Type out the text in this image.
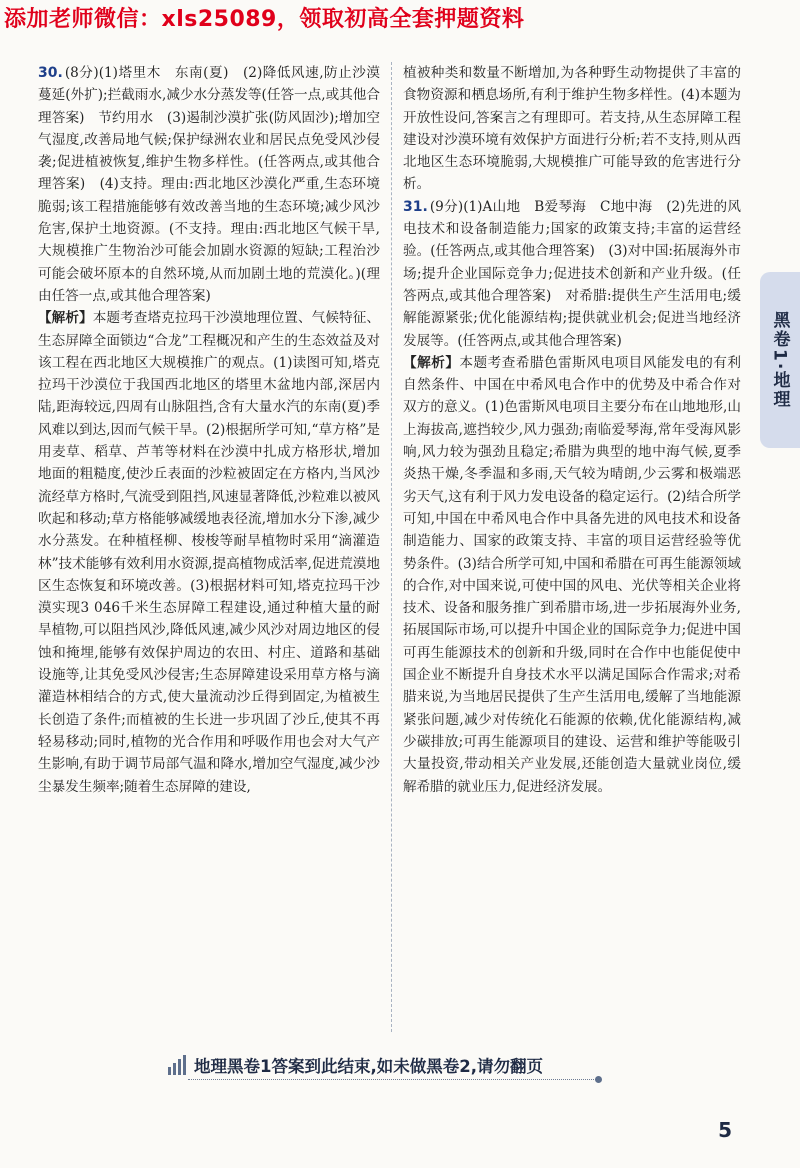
添加老师微信：xls25089，领取初高全套押题资料

30. (8分)(1)塔里木　东南(夏)　(2)降低风速,防止沙漠蔓延(外扩);拦截雨水,减少水分蒸发等(任答一点,或其他合理答案)　节约用水　(3)遏制沙漠扩张(防风固沙);增加空气湿度,改善局地气候;保护绿洲农业和居民点免受风沙侵袭;促进植被恢复,维护生物多样性。(任答两点,或其他合理答案)　(4)支持。理由:西北地区沙漠化严重,生态环境脆弱;该工程措施能够有效改善当地的生态环境;减少风沙危害,保护土地资源。(不支持。理由:西北地区气候干旱,大规模推广生物治沙可能会加剧水资源的短缺;工程治沙可能会破坏原本的自然环境,从而加剧土地的荒漠化。)(理由任答一点,或其他合理答案)

【解析】本题考查塔克拉玛干沙漠地理位置、气候特征、生态屏障全面锁边“合龙”工程概况和产生的生态效益及对该工程在西北地区大规模推广的观点。(1)读图可知,塔克拉玛干沙漠位于我国西北地区的塔里木盆地内部,深居内陆,距海较远,四周有山脉阻挡,含有大量水汽的东南(夏)季风难以到达,因而气候干旱。(2)根据所学可知,“草方格”是用麦草、稻草、芦苇等材料在沙漠中扎成方格形状,增加地面的粗糙度,使沙丘表面的沙粒被固定在方格内,当风沙流经草方格时,气流受到阻挡,风速显著降低,沙粒难以被风吹起和移动;草方格能够减缓地表径流,增加水分下渗,减少水分蒸发。在种植柽柳、梭梭等耐旱植物时采用“滴灌造林”技术能够有效利用水资源,提高植物成活率,促进荒漠地区生态恢复和环境改善。(3)根据材料可知,塔克拉玛干沙漠实现3 046千米生态屏障工程建设,通过种植大量的耐旱植物,可以阻挡风沙,降低风速,减少风沙对周边地区的侵蚀和掩埋,能够有效保护周边的农田、村庄、道路和基础设施等,让其免受风沙侵害;生态屏障建设采用草方格与滴灌造林相结合的方式,使大量流动沙丘得到固定,为植被生长创造了条件;而植被的生长进一步巩固了沙丘,使其不再轻易移动;同时,植物的光合作用和呼吸作用也会对大气产生影响,有助于调节局部气温和降水,增加空气湿度,减少沙尘暴发生频率;随着生态屏障的建设,

植被种类和数量不断增加,为各种野生动物提供了丰富的食物资源和栖息场所,有利于维护生物多样性。(4)本题为开放性设问,答案言之有理即可。若支持,从生态屏障工程建设对沙漠环境有效保护方面进行分析;若不支持,则从西北地区生态环境脆弱,大规模推广可能导致的危害进行分析。

31. (9分)(1)A山地　B爱琴海　C地中海　(2)先进的风电技术和设备制造能力;国家的政策支持;丰富的运营经验。(任答两点,或其他合理答案)　(3)对中国:拓展海外市场;提升企业国际竞争力;促进技术创新和产业升级。(任答两点,或其他合理答案)　对希腊:提供生产生活用电;缓解能源紧张;优化能源结构;提供就业机会;促进当地经济发展等。(任答两点,或其他合理答案)

【解析】本题考查希腊色雷斯风电项目风能发电的有利自然条件、中国在中希风电合作中的优势及中希合作对双方的意义。(1)色雷斯风电项目主要分布在山地地形,山上海拔高,遮挡较少,风力强劲;南临爱琴海,常年受海风影响,风力较为强劲且稳定;希腊为典型的地中海气候,夏季炎热干燥,冬季温和多雨,天气较为晴朗,少云雾和极端恶劣天气,这有利于风力发电设备的稳定运行。(2)结合所学可知,中国在中希风电合作中具备先进的风电技术和设备制造能力、国家的政策支持、丰富的项目运营经验等优势条件。(3)结合所学可知,中国和希腊在可再生能源领域的合作,对中国来说,可使中国的风电、光伏等相关企业将技术、设备和服务推广到希腊市场,进一步拓展海外业务,拓展国际市场,可以提升中国企业的国际竞争力;促进中国可再生能源技术的创新和升级,同时在合作中也能促使中国企业不断提升自身技术水平以满足国际合作需求;对希腊来说,为当地居民提供了生产生活用电,缓解了当地能源紧张问题,减少对传统化石能源的依赖,优化能源结构,减少碳排放;可再生能源项目的建设、运营和维护等能吸引大量投资,带动相关产业发展,还能创造大量就业岗位,缓解希腊的就业压力,促进经济发展。

黑卷1·地理
地理黑卷1答案到此结束,如未做黑卷2,请勿翻页
5
